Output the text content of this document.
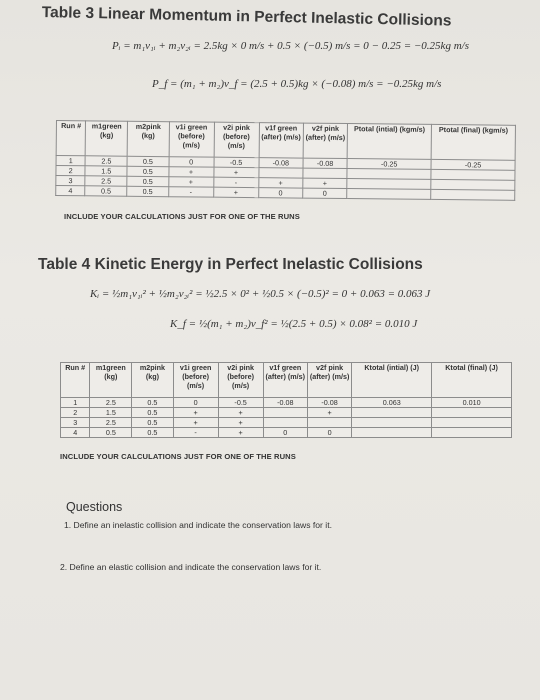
Table 3 Linear Momentum in Perfect Inelastic Collisions
Pᵢ = m₁v₁ᵢ + m₂v₂ᵢ = 2.5kg × 0 m/s + 0.5 × (−0.5) m/s = 0 − 0.25 = −0.25kg m/s
P_f = (m₁ + m₂)v_f = (2.5 + 0.5)kg × (−0.08) m/s = −0.25kg m/s
Run #	m1green (kg)	m2pink (kg)	v1i green (before) (m/s)	v2i pink (before) (m/s)	v1f green (after) (m/s)	v2f pink (after) (m/s)	Ptotal (intial) (kgm/s)	Ptotal (final) (kgm/s)
1	2.5	0.5	0	-0.5	-0.08	-0.08	-0.25	-0.25
2	1.5	0.5	+	+				
3	2.5	0.5	+	-	+	+		
4	0.5	0.5	-	+	0	0		
INCLUDE YOUR CALCULATIONS JUST FOR ONE OF THE RUNS
Table 4 Kinetic Energy in Perfect Inelastic Collisions
Kᵢ = ½m₁v₁ᵢ² + ½m₂v₂ᵢ² = ½2.5 × 0² + ½0.5 × (−0.5)² = 0 + 0.063 = 0.063 J
K_f = ½(m₁ + m₂)v_f² = ½(2.5 + 0.5) × 0.08² = 0.010 J
Run #	m1green (kg)	m2pink (kg)	v1i green (before) (m/s)	v2i pink (before) (m/s)	v1f green (after) (m/s)	v2f pink (after) (m/s)	Ktotal (intial) (J)	Ktotal (final) (J)
1	2.5	0.5	0	-0.5	-0.08	-0.08	0.063	0.010
2	1.5	0.5	+	+		+		
3	2.5	0.5	+	+				
4	0.5	0.5	-	+	0	0		
INCLUDE YOUR CALCULATIONS JUST FOR ONE OF THE RUNS
Questions
1. Define an inelastic collision and indicate the conservation laws for it.
2. Define an elastic collision and indicate the conservation laws for it.
